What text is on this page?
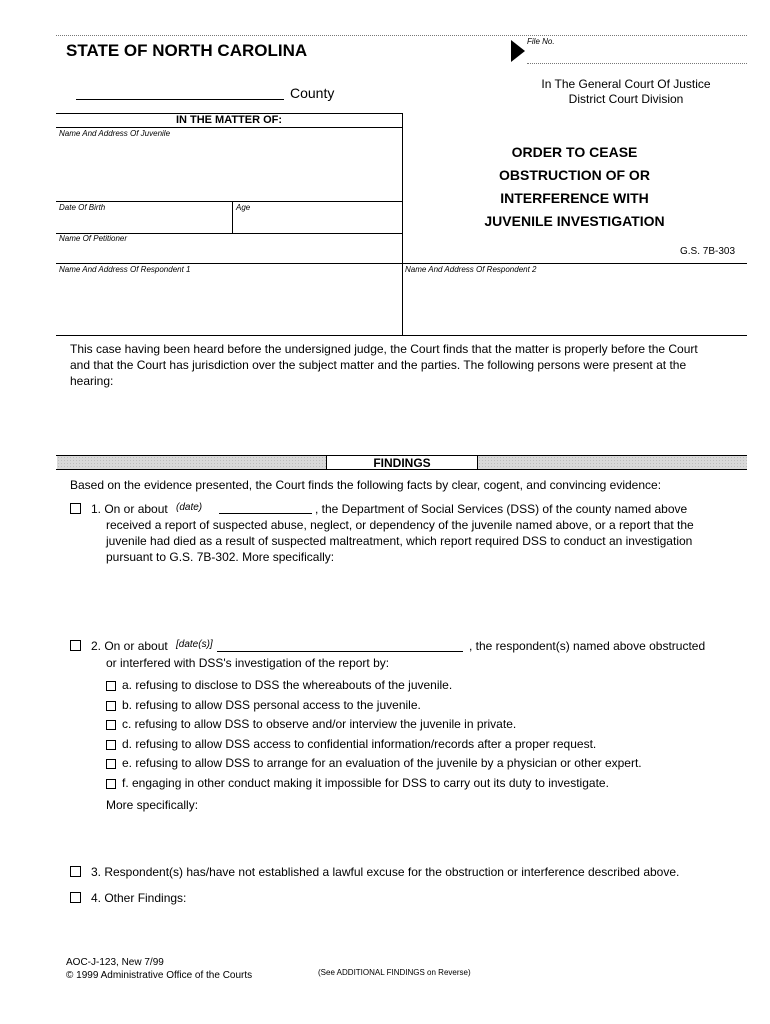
STATE OF NORTH CAROLINA	File No.
County
In The General Court Of Justice
District Court Division
IN THE MATTER OF:
Name And Address Of Juvenile
Date Of Birth	Age
Name Of Petitioner
Name And Address Of Respondent 1	Name And Address Of Respondent 2
ORDER TO CEASE
OBSTRUCTION OF OR
INTERFERENCE WITH
JUVENILE INVESTIGATION
G.S. 7B-303
This case having been heard before the undersigned judge, the Court finds that the matter is properly before the Court
and that the Court has jurisdiction over the subject matter and the parties. The following persons were present at the
hearing:
FINDINGS
Based on the evidence presented, the Court finds the following facts by clear, cogent, and convincing evidence:
1. On or about (date)	, the Department of Social Services (DSS) of the county named above
received a report of suspected abuse, neglect, or dependency of the juvenile named above, or a report that the
juvenile had died as a result of suspected maltreatment, which report required DSS to conduct an investigation
pursuant to G.S. 7B-302. More specifically:
2. On or about [date(s)]	, the respondent(s) named above obstructed
or interfered with DSS's investigation of the report by:
a. refusing to disclose to DSS the whereabouts of the juvenile.
b. refusing to allow DSS personal access to the juvenile.
c. refusing to allow DSS to observe and/or interview the juvenile in private.
d. refusing to allow DSS access to confidential information/records after a proper request.
e. refusing to allow DSS to arrange for an evaluation of the juvenile by a physician or other expert.
f. engaging in other conduct making it impossible for DSS to carry out its duty to investigate.
More specifically:
3. Respondent(s) has/have not established a lawful excuse for the obstruction or interference described above.
4. Other Findings:
AOC-J-123, New 7/99
© 1999 Administrative Office of the Courts	(See ADDITIONAL FINDINGS on Reverse)
